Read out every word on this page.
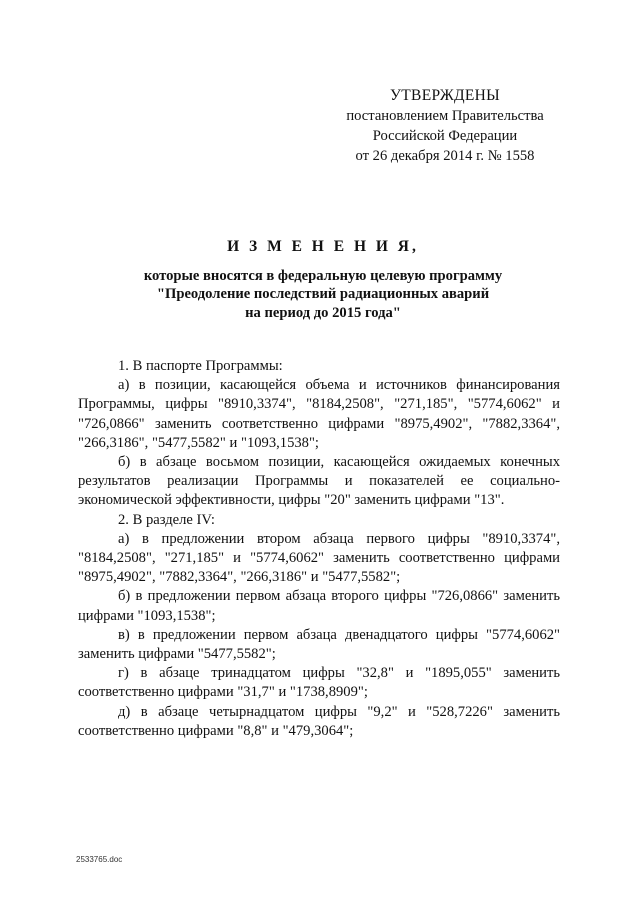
УТВЕРЖДЕНЫ
постановлением Правительства
Российской Федерации
от 26 декабря 2014 г. № 1558
И З М Е Н Е Н И Я,
которые вносятся в федеральную целевую программу
"Преодоление последствий радиационных аварий
на период до 2015 года"

1. В паспорте Программы:

а) в позиции, касающейся объема и источников финансирования Программы, цифры "8910,3374", "8184,2508", "271,185", "5774,6062" и "726,0866" заменить соответственно цифрами "8975,4902", "7882,3364", "266,3186", "5477,5582" и "1093,1538";

б) в абзаце восьмом позиции, касающейся ожидаемых конечных результатов реализации Программы и показателей ее социально-экономической эффективности, цифры "20" заменить цифрами "13".

2. В разделе IV:

а) в предложении втором абзаца первого цифры "8910,3374", "8184,2508", "271,185" и "5774,6062" заменить соответственно цифрами "8975,4902", "7882,3364", "266,3186" и "5477,5582";

б) в предложении первом абзаца второго цифры "726,0866" заменить цифрами "1093,1538";

в) в предложении первом абзаца двенадцатого цифры "5774,6062" заменить цифрами "5477,5582";

г) в абзаце тринадцатом цифры "32,8" и "1895,055" заменить соответственно цифрами "31,7" и "1738,8909";

д) в абзаце четырнадцатом цифры "9,2" и "528,7226" заменить соответственно цифрами "8,8" и "479,3064";

2533765.doc
